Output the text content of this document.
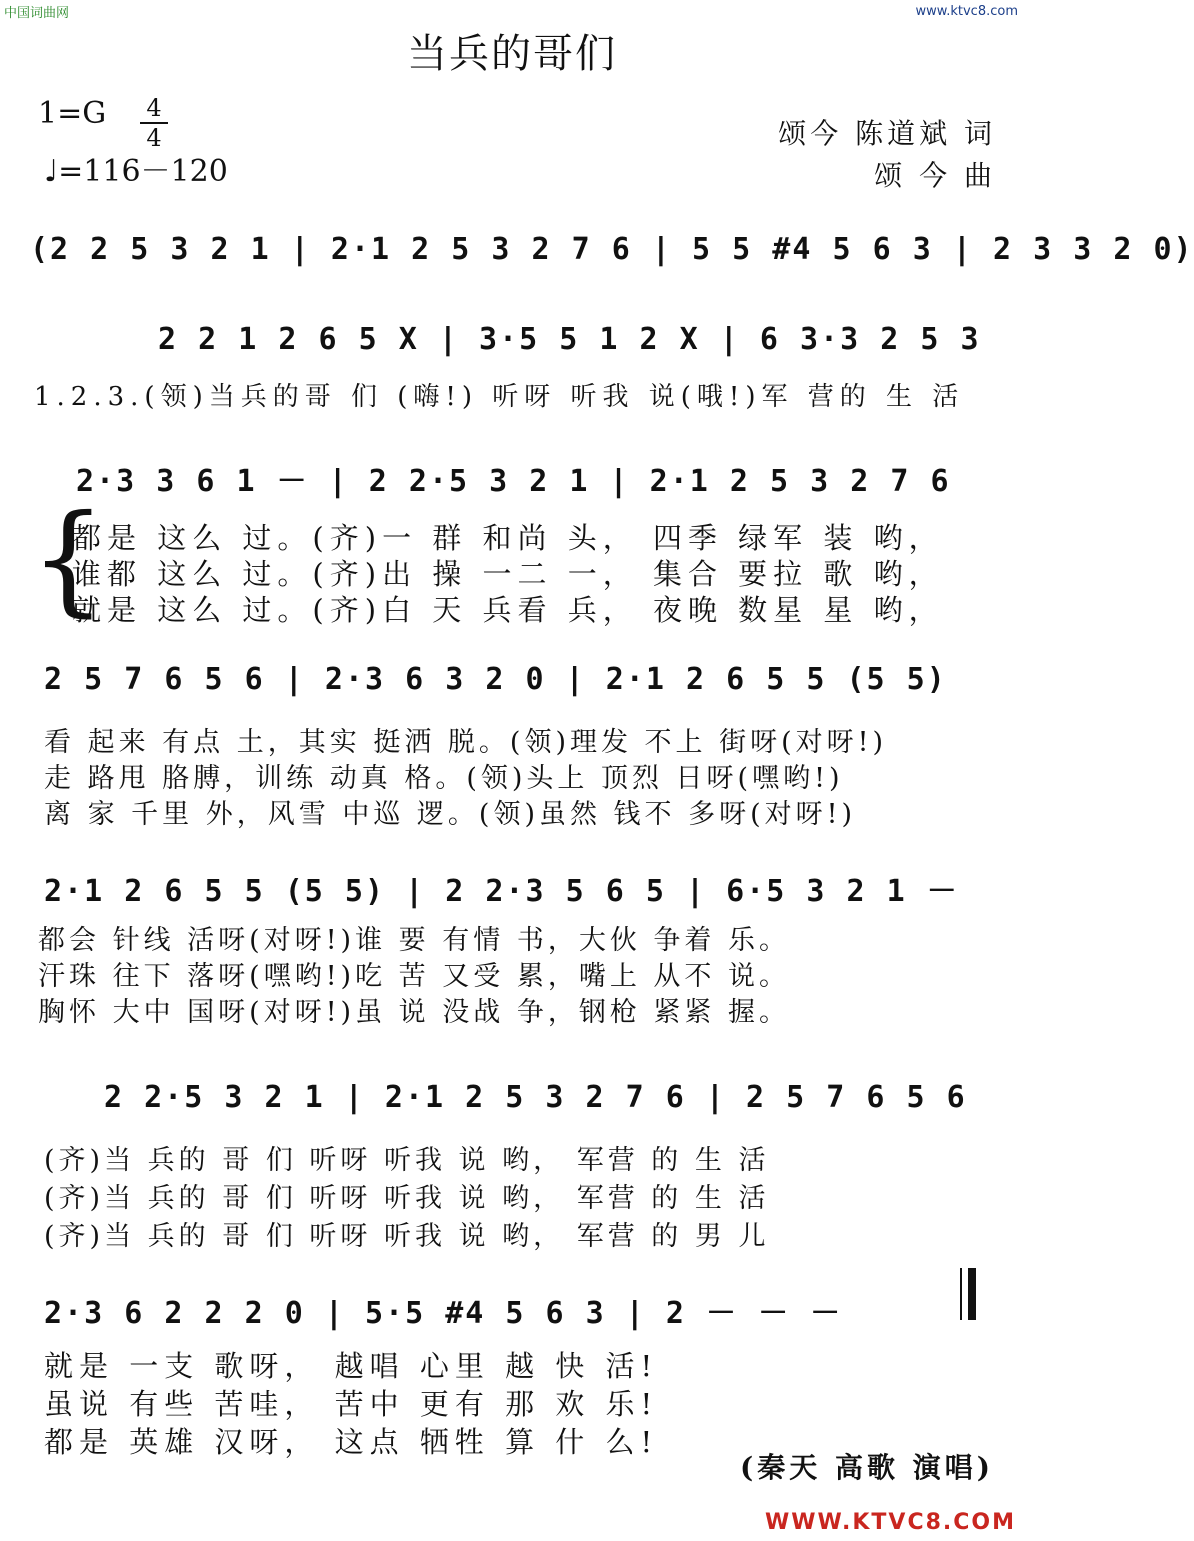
中国词曲网	www.ktvc8.com
当兵的哥们
1=G	4
4
♩=116－120
颂今 陈道斌 词
颂 今 曲
(2 2 5 3 2 1 | 2·1 2 5 3 2 7 6 | 5 5 #4 5 6 3 | 2 3 3 2 0)
2 2 1 2 6 5 X | 3·5 5 1 2 X | 6 3·3 2 5 3
1.2.3.(领)当兵的哥 们 (嗨!) 听呀 听我 说(哦!)军 营的 生 活
2·3 3 6 1 － | 2 2·5 3 2 1 | 2·1 2 5 3 2 7 6
{
都是 这么 过。(齐)一 群 和尚 头， 四季 绿军 装 哟，
谁都 这么 过。(齐)出 操 一二 一， 集合 要拉 歌 哟，
就是 这么 过。(齐)白 天 兵看 兵， 夜晚 数星 星 哟，
2 5 7 6 5 6 | 2·3 6 3 2 0 | 2·1 2 6 5 5 (5 5)
看 起来 有点 土，其实 挺洒 脱。(领)理发 不上 街呀(对呀!)
走 路甩 胳膊，训练 动真 格。(领)头上 顶烈 日呀(嘿哟!)
离 家 千里 外，风雪 中巡 逻。(领)虽然 钱不 多呀(对呀!)
2·1 2 6 5 5 (5 5) | 2 2·3 5 6 5 | 6·5 3 2 1 －
都会 针线 活呀(对呀!)谁 要 有情 书，大伙 争着 乐。
汗珠 往下 落呀(嘿哟!)吃 苦 又受 累，嘴上 从不 说。
胸怀 大中 国呀(对呀!)虽 说 没战 争，钢枪 紧紧 握。
2 2·5 3 2 1 | 2·1 2 5 3 2 7 6 | 2 5 7 6 5 6
(齐)当 兵的 哥 们 听呀 听我 说 哟， 军营 的 生 活
(齐)当 兵的 哥 们 听呀 听我 说 哟， 军营 的 生 活
(齐)当 兵的 哥 们 听呀 听我 说 哟， 军营 的 男 儿
2·3 6 2 2 2 0 | 5·5 #4 5 6 3 | 2 － － －
就是 一支 歌呀， 越唱 心里 越 快 活!
虽说 有些 苦哇， 苦中 更有 那 欢 乐!
都是 英雄 汉呀， 这点 牺牲 算 什 么!
(秦天 高歌 演唱)
WWW.KTVC8.COM
